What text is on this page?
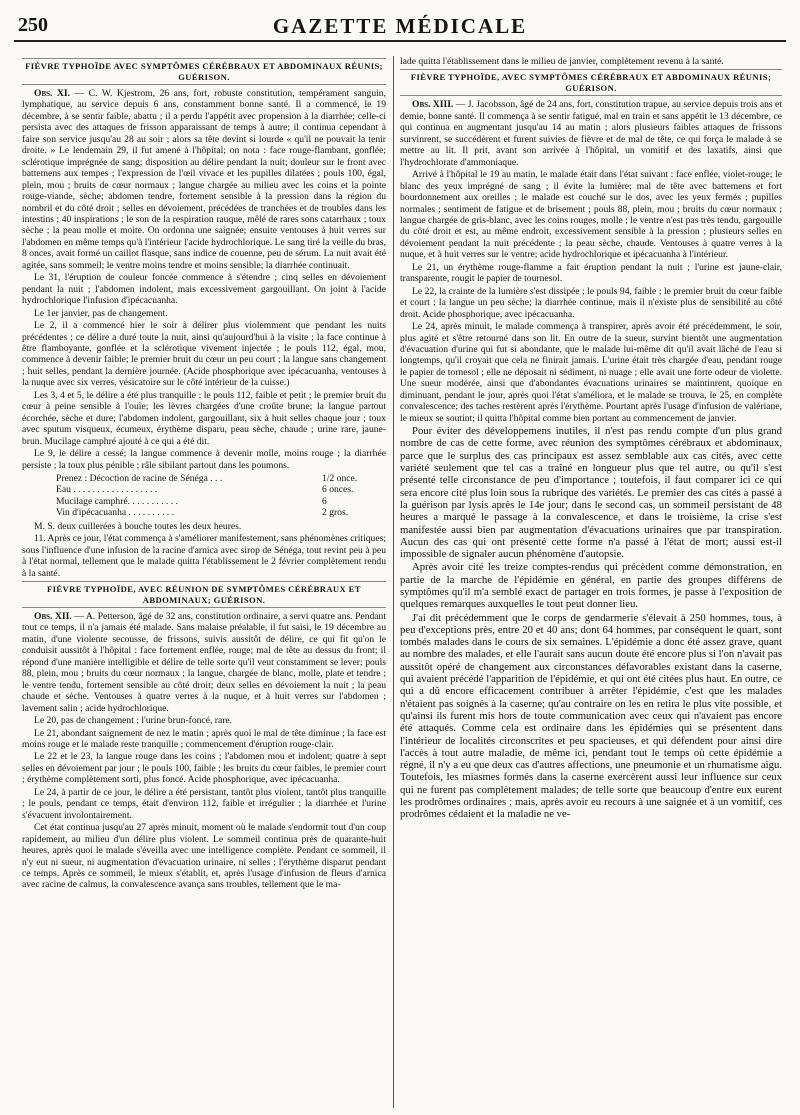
250	GAZETTE MÉDICALE
FIÈVRE TYPHOÏDE AVEC SYMPTÔMES CÉRÉBRAUX ET ABDOMINAUX RÉUNIS; GUÉRISON.

Obs. XI. — C. W. Kjestrom, 26 ans, fort, robuste constitution, tempérament sanguin, lymphatique, au service depuis 6 ans, constamment bonne santé. Il a commencé, le 19 décembre, à se sentir faible, abattu ; il a perdu l'appétit avec propension à la diarrhée; celle-ci persista avec des attaques de frisson apparaissant de temps à autre; il continua cependant à faire son service jusqu'au 28 au soir ; alors sa tête devint si lourde « qu'il ne pouvait la tenir droite. » Le lendemain 29, il fut amené à l'hôpital; on nota : face rouge-flambant, gonflée; sclérotique imprégnée de sang; disposition au délire pendant la nuit; douleur sur le front avec battemens aux tempes ; l'expression de l'œil vivace et les pupilles dilatées ; pouls 100, égal, plein, mou ; bruits de cœur normaux ; langue chargée au milieu avec les coins et la pointe rouge-viande, sèche; abdomen tendre, fortement sensible à la pression dans la région du nombril et du côté droit ; selles en dévoiement, précédées de tranchées et de troubles dans les intestins ; 40 inspirations ; le son de la respiration rauque, mêlé de rares sons catarrhaux ; toux sèche ; la peau molle et moite. On ordonna une saignée; ensuite ventouses à huit verres sur l'abdomen en même temps qu'à l'intérieur l'acide hydrochlorique. Le sang tiré la veille du bras, 8 onces, avait formé un caillot flasque, sans indice de couenne, peu de sérum. La nuit avait été agitée, sans sommeil; le ventre moins tendre et moins sensible; la diarrhée continuait.

Le 31, l'éruption de couleur foncée commence à s'étendre ; cinq selles en dévoiement pendant la nuit ; l'abdomen indolent, mais excessivement gargouillant. On joint à l'acide hydrochlorique l'infusion d'ipécacuanha.

Le 1er janvier, pas de changement.

Le 2, il a commencé hier le soir à délirer plus violemment que pendant les nuits précédentes ; ce délire a duré toute la nuit, ainsi qu'aujourd'hui à la visite ; la face continue à être flamboyante, gonflée et la sclérotique vivement injectée ; le pouls 112, égal, mou, commence à devenir faible; le premier bruit du cœur un peu court ; la langue sans changement ; huit selles, pendant la dernière journée. (Acide phosphorique avec ipécacuanha, ventouses à la nuque avec six verres, vésicatoire sur le côté intérieur de la cuisse.)

Les 3, 4 et 5, le délire a été plus tranquille : le pouls 112, faible et petit ; le premier bruit du cœur à peine sensible à l'ouïe; les lèvres chargées d'une croûte brune; la langue partout écorchée, sèche et dure; l'abdomen indolent, gargouillant, six à huit selles chaque jour ; toux avec sputum visqueux, écumeux, érythème disparu, peau sèche, chaude ; urine rare, jaune-brun. Mucilage camphré ajouté à ce qui a été dit.

Le 9, le délire a cessé; la langue commence à devenir molle, moins rouge ; la diarrhée persiste ; la toux plus pénible ; râle sibilant partout dans les poumons.

Prenez : Décoction de racine de Sénéga . . .	1/2 once.
Eau . . . . . . . . . . . . . . . . . .	6 onces.
Mucilage camphré. . . . . . . . . . .	6
Vin d'ipécacuanha . . . . . . . . . .	2 gros.

M. S. deux cuillerées à bouche toutes les deux heures.

11. Après ce jour, l'état commença à s'améliorer manifestement, sans phénomènes critiques; sous l'influence d'une infusion de la racine d'arnica avec sirop de Sénéga, tout revint peu à peu à l'état normal, tellement que le malade quitta l'établissement le 2 février complètement rendu à la santé.

FIÈVRE TYPHOÏDE, AVEC RÉUNION DE SYMPTÔMES CÉRÉBRAUX ET ABDOMINAUX; GUÉRISON.

Obs. XII. — A. Petterson, âgé de 32 ans, constitution ordinaire, a servi quatre ans. Pendant tout ce temps, il n'a jamais été malade. Sans malaise préalable, il fut saisi, le 19 décembre au matin, d'une violente secousse, de frissons, suivis aussitôt de délire, ce qui fit qu'on le conduisit aussitôt à l'hôpital : face fortement enflée, rouge; mal de tête au dessus du front; il répond d'une manière intelligible et délire de telle sorte qu'il veut constamment se lever; pouls 88, plein, mou ; bruits du cœur normaux ; la langue, chargée de blanc, molle, plate et tendre ; le ventre tendu, fortement sensible au côté droit; deux selles en dévoiement la nuit ; la peau chaude et sèche. Ventouses à quatre verres à la nuque, et à huit verres sur l'abdomen ; lavement salin ; acide hydrochlorique.

Le 20, pas de changement ; l'urine brun-foncé, rare.

Le 21, abondant saignement de nez le matin ; après quoi le mal de tête diminue ; la face est moins rouge et le malade reste tranquille ; commencement d'éruption rouge-clair.

Le 22 et le 23, la langue rouge dans les coins ; l'abdomen mou et indolent; quatre à sept selles en dévoiement par jour ; le pouls 100, faible ; les bruits du cœur faibles, le premier court ; érythème complètement sorti, plus foncé. Acide phosphorique, avec ipécacuanha.

Le 24, à partir de ce jour, le délire a été persistant, tantôt plus violent, tantôt plus tranquille ; le pouls, pendant ce temps, était d'environ 112, faible et irrégulier ; la diarrhée et l'urine s'évacuent involontairement.

Cet état continua jusqu'au 27 après minuit, moment où le malade s'endormit tout d'un coup rapidement, au milieu d'un délire plus violent. Le sommeil continua près de quarante-huit heures, après quoi le malade s'éveilla avec une intelligence complète. Pendant ce sommeil, il n'y eut ni sueur, ni augmentation d'évacuation urinaire, ni selles ; l'érythème disparut pendant ce temps. Après ce sommeil, le mieux s'établit, et, après l'usage d'infusion de fleurs d'arnica avec racine de calmus, la convalescence avança sans troubles, tellement que le ma-

lade quitta l'établissement dans le milieu de janvier, complètement revenu à la santé.

FIÈVRE TYPHOÏDE, AVEC SYMPTÔMES CÉRÉBRAUX ET ABDOMINAUX RÉUNIS; GUÉRISON.

Obs. XIII. — J. Jacobsson, âgé de 24 ans, fort, constitution trapue, au service depuis trois ans et demie, bonne santé. Il commença à se sentir fatigué, mal en train et sans appétit le 13 décembre, ce qui continua en augmentant jusqu'au 14 au matin ; alors plusieurs faibles attaques de frissons survinrent, se succédèrent et furent suivies de fièvre et de mal de tête, ce qui força le malade à se mettre au lit. Il prit, avant son arrivée à l'hôpital, un vomitif et des laxatifs, ainsi que l'hydrochlorate d'ammoniaque.

Arrivé à l'hôpital le 19 au matin, le malade était dans l'état suivant : face enflée, violet-rouge; le blanc des yeux imprégné de sang ; il évite la lumière; mal de tête avec battemens et fort bourdonnement aux oreilles ; le malade est couché sur le dos, avec les yeux fermés ; pupilles normales ; sentiment de fatigue et de brisement ; pouls 88, plein, mou ; bruits du cœur normaux ; langue chargée de gris-blanc, avec les coins rouges, molle ; le ventre n'est pas très tendu, gargouille du côté droit et est, au même endroit, excessivement sensible à la pression ; plusieurs selles en dévoiement pendant la nuit précédente ; la peau sèche, chaude. Ventouses à quatre verres à la nuque, et à huit verres sur le ventre; acide hydrochlorique et ipécacuanha à l'intérieur.

Le 21, un érythème rouge-flamme a fait éruption pendant la nuit ; l'urine est jaune-clair, transparente, rougit le papier de tournesol.

Le 22, la crainte de la lumière s'est dissipée ; le pouls 94, faible ; le premier bruit du cœur faible et court ; la langue un peu sèche; la diarrhée continue, mais il n'existe plus de sensibilité au côté droit. Acide phosphorique, avec ipécacuanha.

Le 24, après minuit, le malade commença à transpirer, après avoir été précédemment, le soir, plus agité et s'être retourné dans son lit. En outre de la sueur, survint bientôt une augmentation d'évacuation d'urine qui fut si abondante, que le malade lui-même dit qu'il avait lâché de l'eau si longtemps, qu'il croyait que cela ne finirait jamais. L'urine était très chargée d'eau, pendant rouge le papier de tornesol ; elle ne déposait ni sédiment, ni nuage ; elle avait une forte odeur de violette. Une sueur modérée, ainsi que d'abondantes évacuations urinaires se maintinrent, quoique en diminuant, pendant le jour, après quoi l'état s'améliora, et le malade se trouva, le 25, en complète convalescence; des taches restèrent après l'érythème. Pourtant après l'usage d'infusion de valériane, le mieux se soutint; il quitta l'hôpital comme bien portant au commencement de janvier.

Pour éviter des développemens inutiles, il n'est pas rendu compte d'un plus grand nombre de cas de cette forme, avec réunion des symptômes cérébraux et abdominaux, parce que le surplus des cas principaux est assez semblable aux cas cités, avec cette variété seulement que tel cas a traîné en longueur plus que tel autre, ou qu'il s'est présenté telle circonstance de peu d'importance ; toutefois, il faut comparer ici ce qui sera encore cité plus loin sous la rubrique des variétés. Le premier des cas cités a passé à la guérison par lysis après le 14e jour; dans le second cas, un sommeil persistant de 48 heures a marqué le passage à la convalescence, et dans le troisième, la crise s'est manifestée aussi bien par augmentation d'évacuations urinaires que par transpiration. Aucun des cas qui ont présenté cette forme n'a passé à l'état de mort; aussi est-il impossible de signaler aucun phénomène d'autopsie.

Après avoir cité les treize comptes-rendus qui précèdent comme démonstration, en partie de la marche de l'épidémie en général, en partie des groupes différens de symptômes qu'il m'a semblé exact de partager en trois formes, je passe à l'exposition de quelques remarques auxquelles le tout peut donner lieu.

J'ai dit précédemment que le corps de gendarmerie s'élevait à 250 hommes, tous, à peu d'exceptions près, entre 20 et 40 ans; dont 64 hommes, par conséquent le quart, sont tombés malades dans le cours de six semaines. L'épidémie a donc été assez grave, quant au nombre des malades, et elle l'aurait sans aucun doute été encore plus si l'on n'avait pas aussitôt opéré de changement aux circonstances défavorables existant dans la caserne, qui avaient précédé l'apparition de l'épidémie, et qui ont été citées plus haut. En outre, ce qui a dû encore efficacement contribuer à arrêter l'épidémie, c'est que les malades n'étaient pas soignés à la caserne; qu'au contraire on les en retira le plus vite possible, et qu'ainsi ils furent mis hors de toute communication avec ceux qui n'avaient pas encore été attaqués. Comme cela est ordinaire dans les épidémies qui se présentent dans l'intérieur de localités circonscrites et peu spacieuses, et qui défendent pour ainsi dire l'accès à tout autre maladie, de même ici, pendant tout le temps où cette épidémie a régné, il n'y a eu que deux cas d'autres affections, une pneumonie et un rhumatisme aigu. Toutefois, les miasmes formés dans la caserne exercèrent aussi leur influence sur ceux qui ne furent pas complètement malades; de telle sorte que beaucoup d'entre eux eurent les prodrômes ordinaires ; mais, après avoir eu recours à une saignée et à un vomitif, ces prodrômes cédaient et la maladie ne ve-
